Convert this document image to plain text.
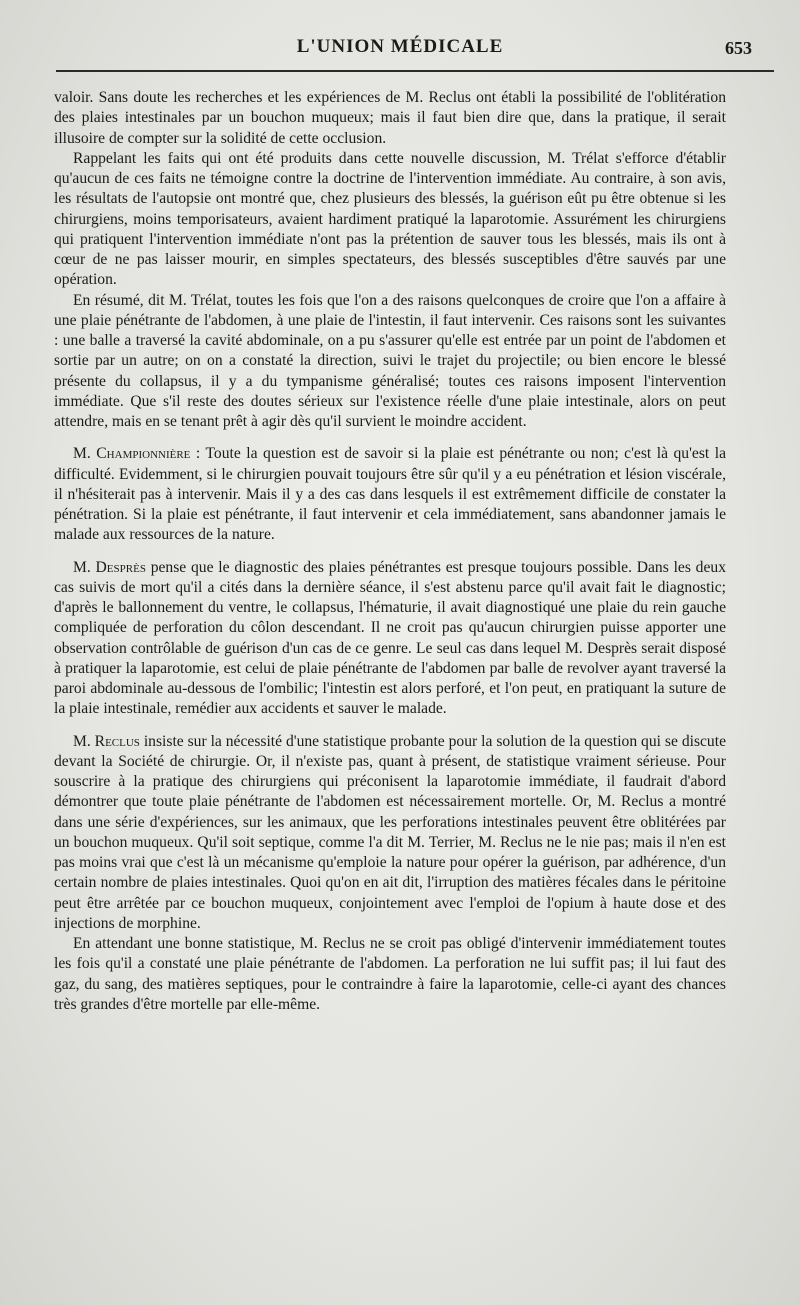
L'UNION MÉDICALE	653

valoir. Sans doute les recherches et les expériences de M. Reclus ont établi la possibilité de l'oblitération des plaies intestinales par un bouchon muqueux; mais il faut bien dire que, dans la pratique, il serait illusoire de compter sur la solidité de cette occlusion.

Rappelant les faits qui ont été produits dans cette nouvelle discussion, M. Trélat s'efforce d'établir qu'aucun de ces faits ne témoigne contre la doctrine de l'intervention immédiate. Au contraire, à son avis, les résultats de l'autopsie ont montré que, chez plusieurs des blessés, la guérison eût pu être obtenue si les chirurgiens, moins temporisateurs, avaient hardiment pratiqué la laparotomie. Assurément les chirurgiens qui pratiquent l'intervention immédiate n'ont pas la prétention de sauver tous les blessés, mais ils ont à cœur de ne pas laisser mourir, en simples spectateurs, des blessés susceptibles d'être sauvés par une opération.

En résumé, dit M. Trélat, toutes les fois que l'on a des raisons quelconques de croire que l'on a affaire à une plaie pénétrante de l'abdomen, à une plaie de l'intestin, il faut intervenir. Ces raisons sont les suivantes : une balle a traversé la cavité abdominale, on a pu s'assurer qu'elle est entrée par un point de l'abdomen et sortie par un autre; on on a constaté la direction, suivi le trajet du projectile; ou bien encore le blessé présente du collapsus, il y a du tympanisme généralisé; toutes ces raisons imposent l'intervention immédiate. Que s'il reste des doutes sérieux sur l'existence réelle d'une plaie intestinale, alors on peut attendre, mais en se tenant prêt à agir dès qu'il survient le moindre accident.

M. Championnière : Toute la question est de savoir si la plaie est pénétrante ou non; c'est là qu'est la difficulté. Evidemment, si le chirurgien pouvait toujours être sûr qu'il y a eu pénétration et lésion viscérale, il n'hésiterait pas à intervenir. Mais il y a des cas dans lesquels il est extrêmement difficile de constater la pénétration. Si la plaie est pénétrante, il faut intervenir et cela immédiatement, sans abandonner jamais le malade aux ressources de la nature.

M. Desprès pense que le diagnostic des plaies pénétrantes est presque toujours possible. Dans les deux cas suivis de mort qu'il a cités dans la dernière séance, il s'est abstenu parce qu'il avait fait le diagnostic; d'après le ballonnement du ventre, le collapsus, l'hématurie, il avait diagnostiqué une plaie du rein gauche compliquée de perforation du côlon descendant. Il ne croit pas qu'aucun chirurgien puisse apporter une observation contrôlable de guérison d'un cas de ce genre. Le seul cas dans lequel M. Desprès serait disposé à pratiquer la laparotomie, est celui de plaie pénétrante de l'abdomen par balle de revolver ayant traversé la paroi abdominale au-dessous de l'ombilic; l'intestin est alors perforé, et l'on peut, en pratiquant la suture de la plaie intestinale, remédier aux accidents et sauver le malade.

M. Reclus insiste sur la nécessité d'une statistique probante pour la solution de la question qui se discute devant la Société de chirurgie. Or, il n'existe pas, quant à présent, de statistique vraiment sérieuse. Pour souscrire à la pratique des chirurgiens qui préconisent la laparotomie immédiate, il faudrait d'abord démontrer que toute plaie pénétrante de l'abdomen est nécessairement mortelle. Or, M. Reclus a montré dans une série d'expériences, sur les animaux, que les perforations intestinales peuvent être oblitérées par un bouchon muqueux. Qu'il soit septique, comme l'a dit M. Terrier, M. Reclus ne le nie pas; mais il n'en est pas moins vrai que c'est là un mécanisme qu'emploie la nature pour opérer la guérison, par adhérence, d'un certain nombre de plaies intestinales. Quoi qu'on en ait dit, l'irruption des matières fécales dans le péritoine peut être arrêtée par ce bouchon muqueux, conjointement avec l'emploi de l'opium à haute dose et des injections de morphine.

En attendant une bonne statistique, M. Reclus ne se croit pas obligé d'intervenir immédiatement toutes les fois qu'il a constaté une plaie pénétrante de l'abdomen. La perforation ne lui suffit pas; il lui faut des gaz, du sang, des matières septiques, pour le contraindre à faire la laparotomie, celle-ci ayant des chances très grandes d'être mortelle par elle-même.
